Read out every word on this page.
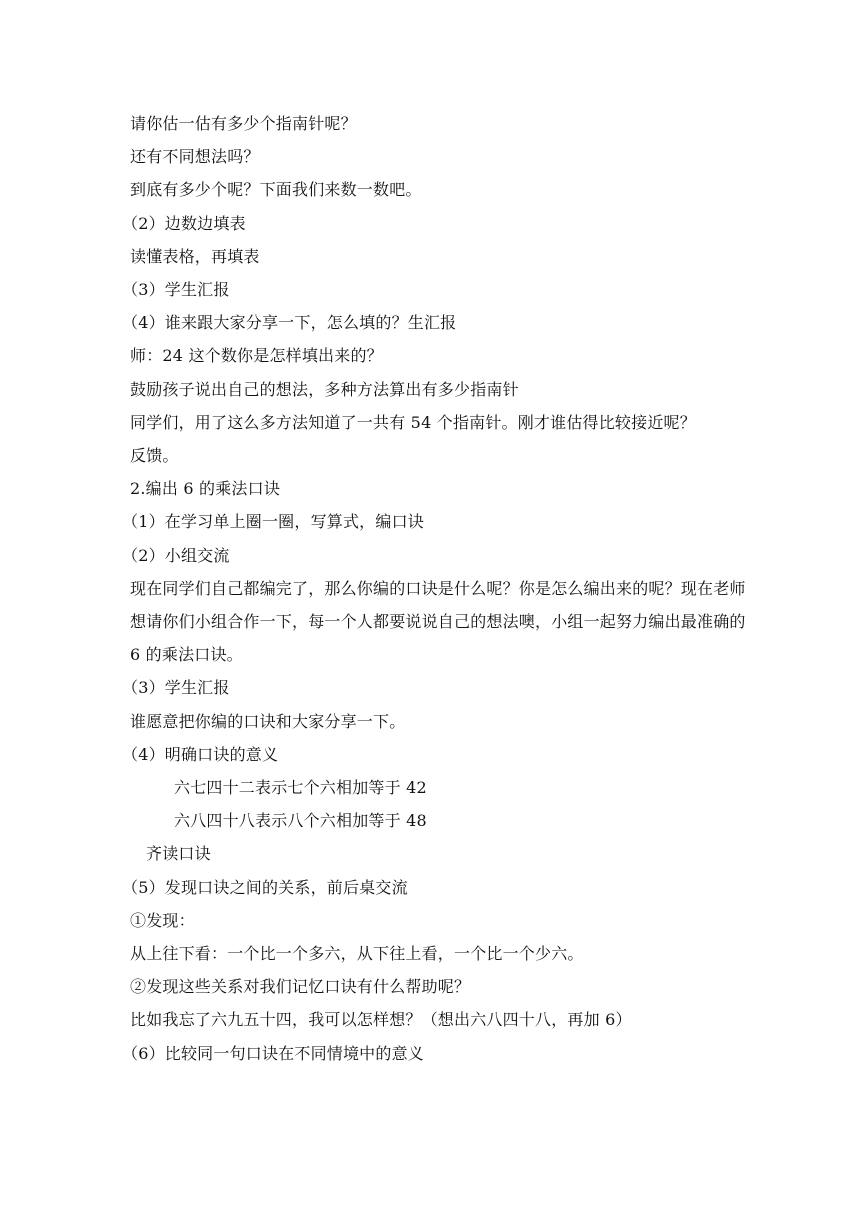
请你估一估有多少个指南针呢？
还有不同想法吗？
到底有多少个呢？下面我们来数一数吧。
（2）边数边填表
读懂表格，再填表
（3）学生汇报
（4）谁来跟大家分享一下，怎么填的？生汇报
师：24 这个数你是怎样填出来的？
鼓励孩子说出自己的想法，多种方法算出有多少指南针
同学们，用了这么多方法知道了一共有 54 个指南针。刚才谁估得比较接近呢？
反馈。
2.编出 6 的乘法口诀
（1）在学习单上圈一圈，写算式，编口诀
（2）小组交流
现在同学们自己都编完了，那么你编的口诀是什么呢？你是怎么编出来的呢？现在老师想请你们小组合作一下，每一个人都要说说自己的想法噢，小组一起努力编出最准确的 6 的乘法口诀。
（3）学生汇报
谁愿意把你编的口诀和大家分享一下。
（4）明确口诀的意义
六七四十二表示七个六相加等于 42
六八四十八表示八个六相加等于 48
齐读口诀
（5）发现口诀之间的关系，前后桌交流
①发现：
从上往下看：一个比一个多六，从下往上看，一个比一个少六。
②发现这些关系对我们记忆口诀有什么帮助呢？
比如我忘了六九五十四，我可以怎样想？（想出六八四十八，再加 6）
（6）比较同一句口诀在不同情境中的意义
